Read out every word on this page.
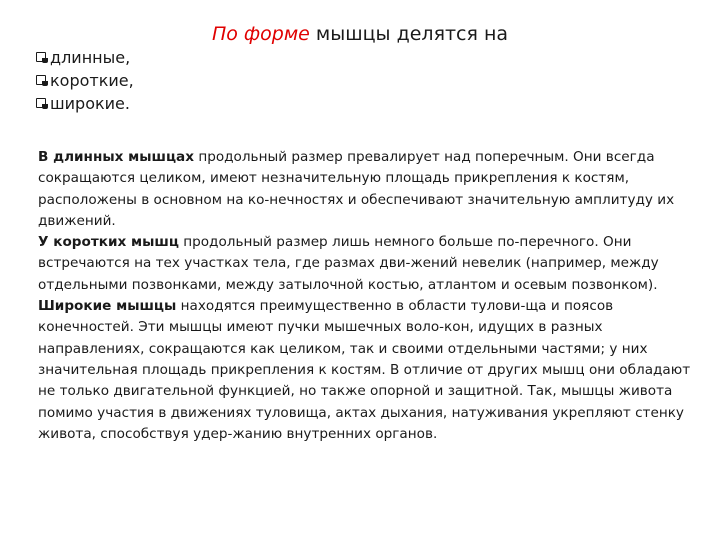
По форме мышцы делятся на
длинные,
короткие,
широкие.

В длинных мышцах продольный размер превалирует над поперечным. Они всегда сокращаются целиком, имеют незначительную площадь прикрепления к костям, расположены в основном на ко-нечностях и обеспечивают значительную амплитуду их движений.

У коротких мышц продольный размер лишь немного больше по-перечного. Они встречаются на тех участках тела, где размах дви-жений невелик (например, между отдельными позвонками, между затылочной костью, атлантом и осевым позвонком).

Широкие мышцы находятся преимущественно в области тулови-ща и поясов конечностей. Эти мышцы имеют пучки мышечных воло-кон, идущих в разных направлениях, сокращаются как целиком, так и своими отдельными частями; у них значительная площадь прикрепления к костям. В отличие от других мышц они обладают не только двигательной функцией, но также опорной и защитной. Так, мышцы живота помимо участия в движениях туловища, актах дыхания, натуживания укрепляют стенку живота, способствуя удер-жанию внутренних органов.
